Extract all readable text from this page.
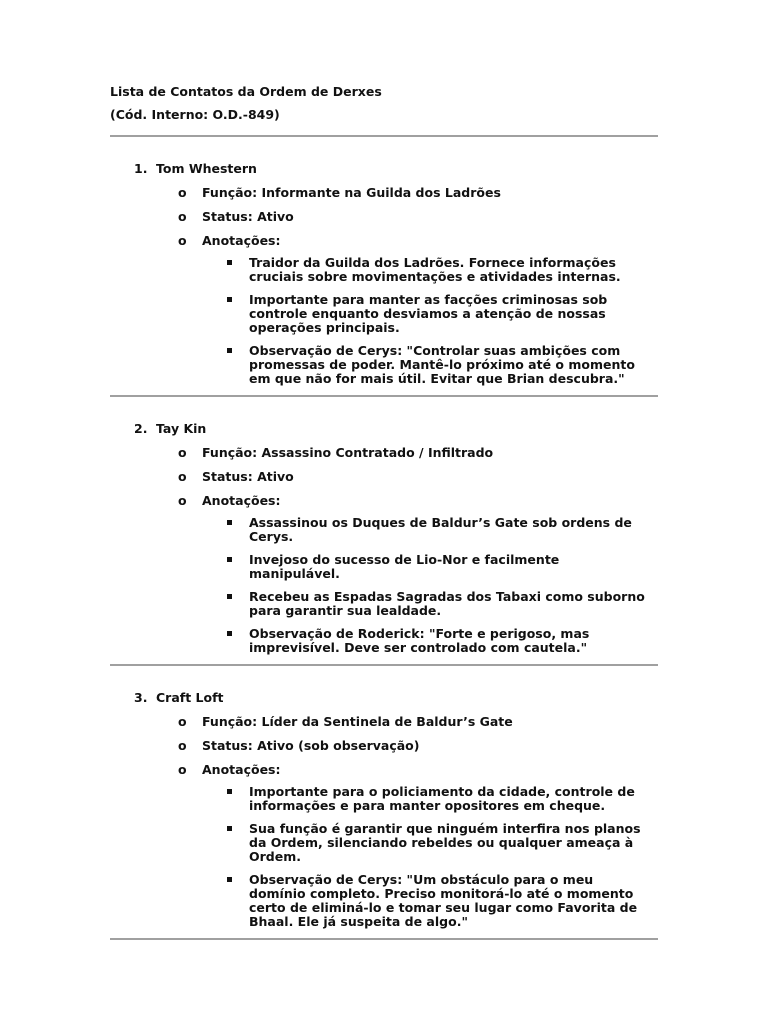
Lista de Contatos da Ordem de Derxes

(Cód. Interno: O.D.-849)

1. Tom Whestern
o	Função: Informante na Guilda dos Ladrões
o	Status: Ativo
o	Anotações:
Traidor da Guilda dos Ladrões. Fornece informações cruciais sobre movimentações e atividades internas.
Importante para manter as facções criminosas sob controle enquanto desviamos a atenção de nossas operações principais.
Observação de Cerys: "Controlar suas ambições com promessas de poder. Mantê-lo próximo até o momento em que não for mais útil. Evitar que Brian descubra."
2. Tay Kin
o	Função: Assassino Contratado / Infiltrado
o	Status: Ativo
o	Anotações:
Assassinou os Duques de Baldur’s Gate sob ordens de Cerys.
Invejoso do sucesso de Lio-Nor e facilmente manipulável.
Recebeu as Espadas Sagradas dos Tabaxi como suborno para garantir sua lealdade.
Observação de Roderick: "Forte e perigoso, mas imprevisível. Deve ser controlado com cautela."
3. Craft Loft
o	Função: Líder da Sentinela de Baldur’s Gate
o	Status: Ativo (sob observação)
o	Anotações:
Importante para o policiamento da cidade, controle de informações e para manter opositores em cheque.
Sua função é garantir que ninguém interfira nos planos da Ordem, silenciando rebeldes ou qualquer ameaça à Ordem.
Observação de Cerys: "Um obstáculo para o meu domínio completo. Preciso monitorá-lo até o momento certo de eliminá-lo e tomar seu lugar como Favorita de Bhaal. Ele já suspeita de algo."
